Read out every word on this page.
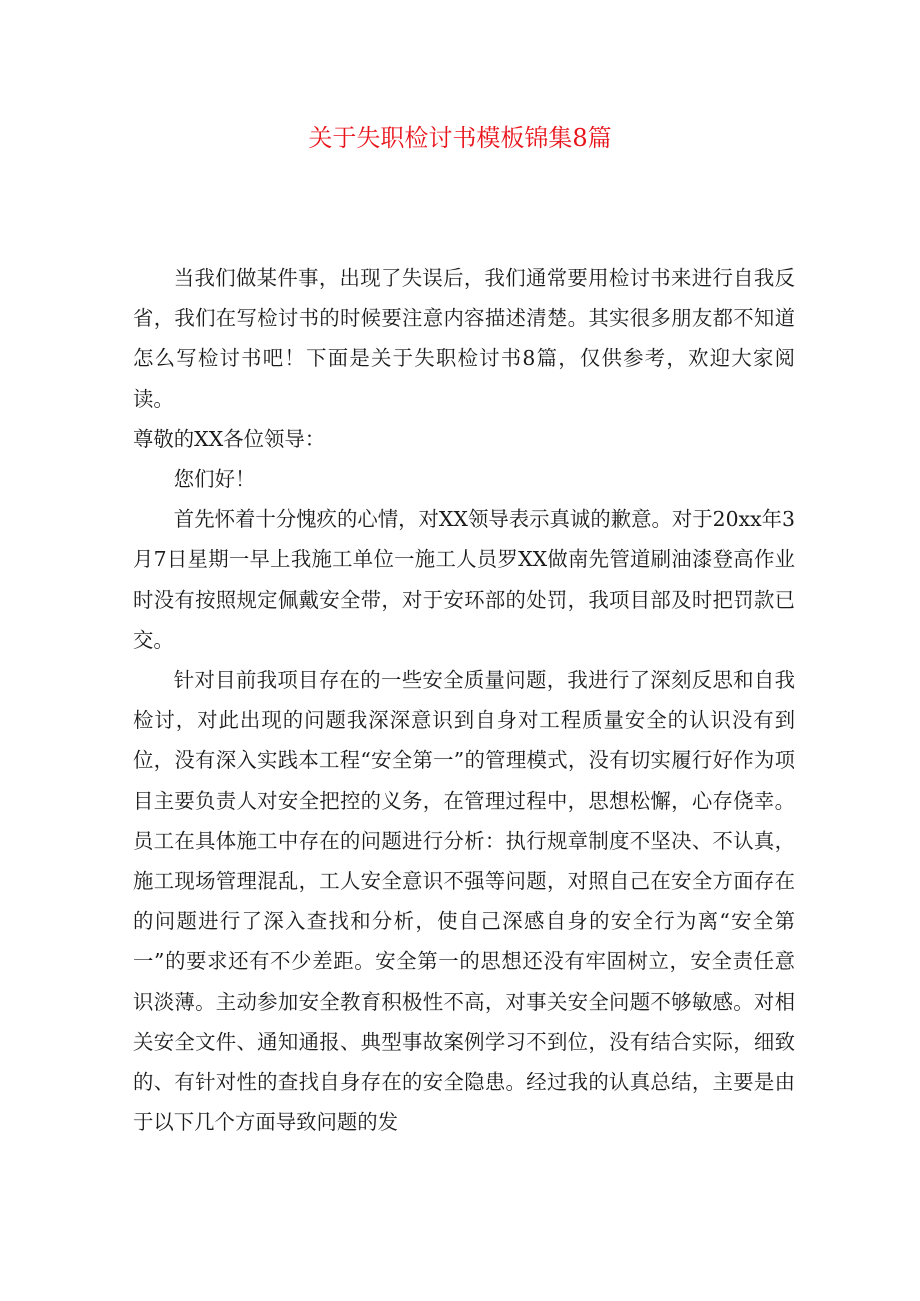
关于失职检讨书模板锦集8篇

当我们做某件事，出现了失误后，我们通常要用检讨书来进行自我反省，我们在写检讨书的时候要注意内容描述清楚。其实很多朋友都不知道怎么写检讨书吧！下面是关于失职检讨书8篇，仅供参考，欢迎大家阅读。

尊敬的XX各位领导：

您们好！

首先怀着十分愧疚的心情，对XX领导表示真诚的歉意。对于20xx年3月7日星期一早上我施工单位一施工人员罗XX做南先管道刷油漆登高作业时没有按照规定佩戴安全带，对于安环部的处罚，我项目部及时把罚款已交。

针对目前我项目存在的一些安全质量问题，我进行了深刻反思和自我检讨，对此出现的问题我深深意识到自身对工程质量安全的认识没有到位，没有深入实践本工程“安全第一”的管理模式，没有切实履行好作为项目主要负责人对安全把控的义务，在管理过程中，思想松懈，心存侥幸。员工在具体施工中存在的问题进行分析：执行规章制度不坚决、不认真，施工现场管理混乱，工人安全意识不强等问题，对照自己在安全方面存在的问题进行了深入查找和分析，使自己深感自身的安全行为离“安全第一”的要求还有不少差距。安全第一的思想还没有牢固树立，安全责任意识淡薄。主动参加安全教育积极性不高，对事关安全问题不够敏感。对相关安全文件、通知通报、典型事故案例学习不到位，没有结合实际，细致的、有针对性的查找自身存在的安全隐患。经过我的认真总结，主要是由于以下几个方面导致问题的发
